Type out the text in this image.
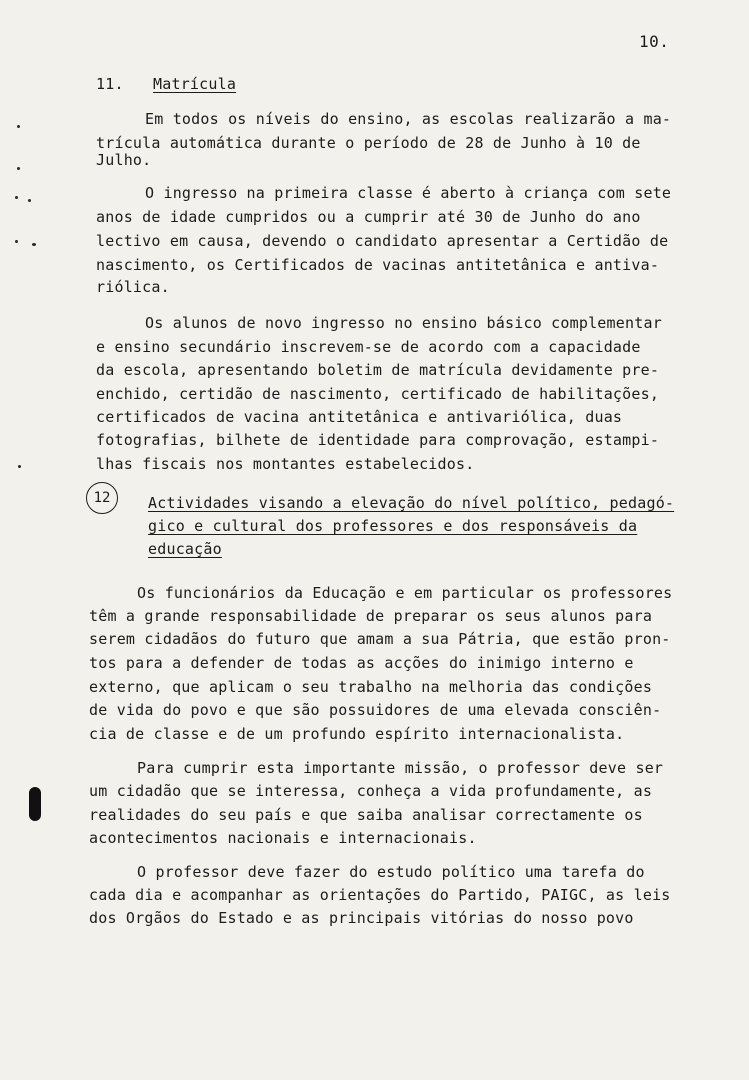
10.
11. Matrícula
Em todos os níveis do ensino, as escolas realizarão a ma-
trícula automática durante o período de 28 de Junho à 10 de
Julho.
O ingresso na primeira classe é aberto à criança com sete
anos de idade cumpridos ou a cumprir até 30 de Junho do ano
lectivo em causa, devendo o candidato apresentar a Certidão de
nascimento, os Certificados de vacinas antitetânica e antiva-
riólica.
Os alunos de novo ingresso no ensino básico complementar
e ensino secundário inscrevem-se de acordo com a capacidade
da escola, apresentando boletim de matrícula devidamente pre-
enchido, certidão de nascimento, certificado de habilitações,
certificados de vacina antitetânica e antivariólica, duas
fotografias, bilhete de identidade para comprovação, estampi-
lhas fiscais nos montantes estabelecidos.
12	Actividades visando a elevação do nível político, pedagó-
gico e cultural dos professores e dos responsáveis da
educação
Os funcionários da Educação e em particular os professores
têm a grande responsabilidade de preparar os seus alunos para
serem cidadãos do futuro que amam a sua Pátria, que estão pron-
tos para a defender de todas as acções do inimigo interno e
externo, que aplicam o seu trabalho na melhoria das condições
de vida do povo e que são possuidores de uma elevada consciên-
cia de classe e de um profundo espírito internacionalista.
Para cumprir esta importante missão, o professor deve ser
um cidadão que se interessa, conheça a vida profundamente, as
realidades do seu país e que saiba analisar correctamente os
acontecimentos nacionais e internacionais.
O professor deve fazer do estudo político uma tarefa do
cada dia e acompanhar as orientações do Partido, PAIGC, as leis
dos Orgãos do Estado e as principais vitórias do nosso povo
